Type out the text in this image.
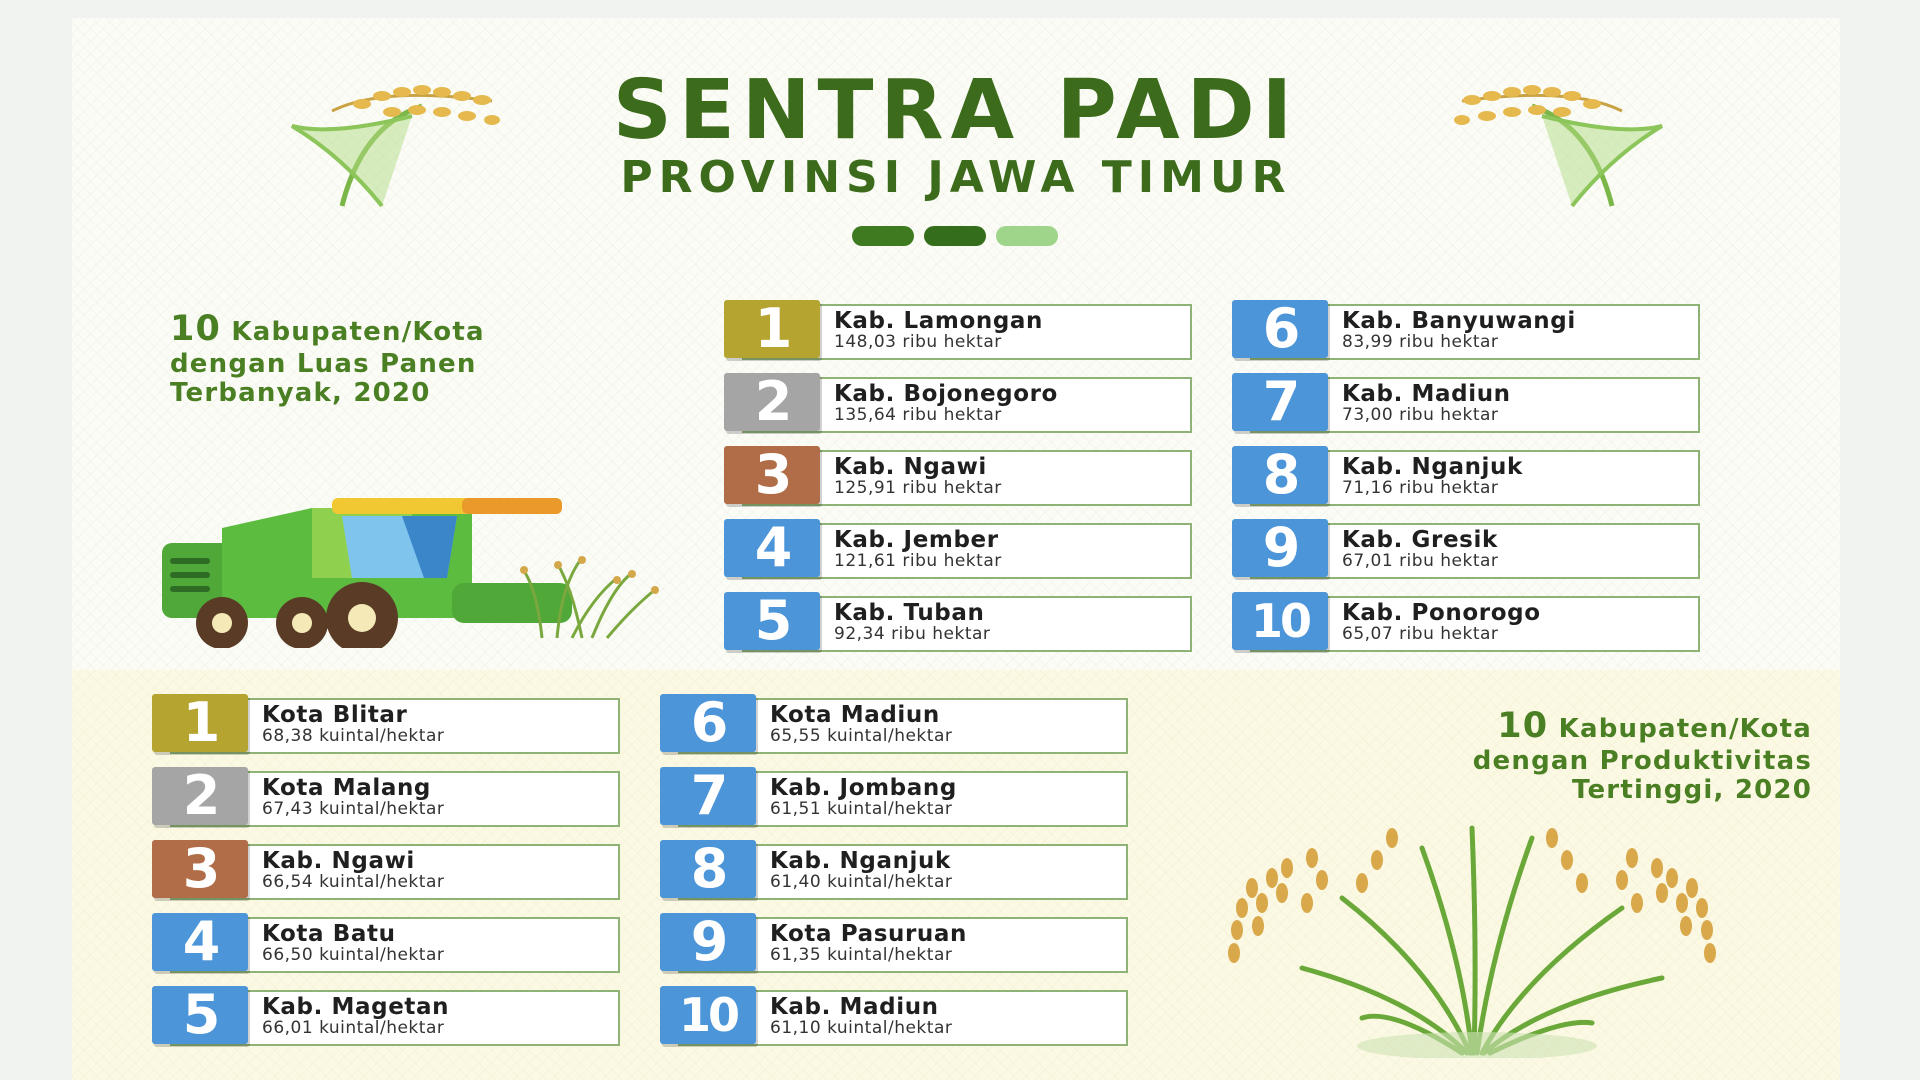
SENTRA PADI
PROVINSI JAWA TIMUR
10 Kabupaten/Kota
dengan Luas Panen
Terbanyak, 2020
1	Kab. Lamongan
148,03 ribu hektar
2	Kab. Bojonegoro
135,64 ribu hektar
3	Kab. Ngawi
125,91 ribu hektar
4	Kab. Jember
121,61 ribu hektar
5	Kab. Tuban
92,34 ribu hektar
6	Kab. Banyuwangi
83,99 ribu hektar
7	Kab. Madiun
73,00 ribu hektar
8	Kab. Nganjuk
71,16 ribu hektar
9	Kab. Gresik
67,01 ribu hektar
10	Kab. Ponorogo
65,07 ribu hektar
1	Kota Blitar
68,38 kuintal/hektar
2	Kota Malang
67,43 kuintal/hektar
3	Kab. Ngawi
66,54 kuintal/hektar
4	Kota Batu
66,50 kuintal/hektar
5	Kab. Magetan
66,01 kuintal/hektar
6	Kota Madiun
65,55 kuintal/hektar
7	Kab. Jombang
61,51 kuintal/hektar
8	Kab. Nganjuk
61,40 kuintal/hektar
9	Kota Pasuruan
61,35 kuintal/hektar
10	Kab. Madiun
61,10 kuintal/hektar
10 Kabupaten/Kota
dengan Produktivitas
Tertinggi, 2020
